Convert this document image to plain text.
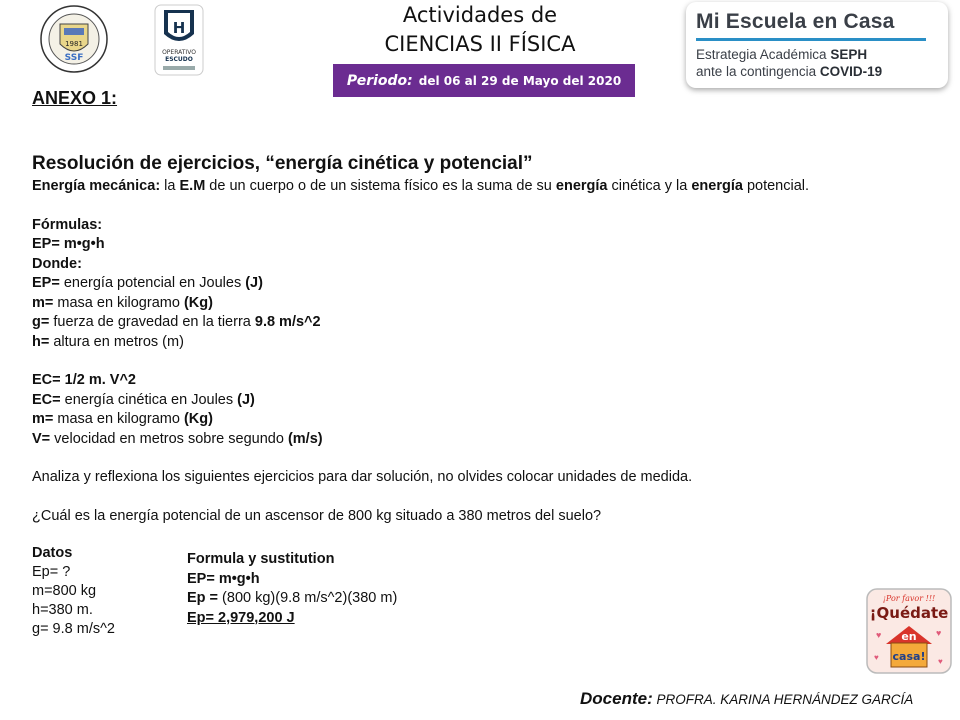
1981
SSF
H
OPERATIVO
ESCUDO
Actividades de
CIENCIAS II FÍSICA
Periodo: del 06 al 29 de Mayo del 2020
Mi Escuela en Casa
Estrategia Académica SEPH
ante la contingencia COVID-19
ANEXO 1:
Resolución de ejercicios, “energía cinética y potencial”
Energía mecánica: la E.M de un cuerpo o de un sistema físico es la suma de su energía cinética y la energía potencial.
Fórmulas:
EP= m•g•h
Donde:
EP= energía potencial en Joules (J)
m= masa en kilogramo (Kg)
g= fuerza de gravedad en la tierra 9.8 m/s^2
h= altura en metros (m)
EC= 1/2 m. V^2
EC= energía cinética en Joules (J)
m= masa en kilogramo (Kg)
V= velocidad en metros sobre segundo (m/s)
Analiza y reflexiona los siguientes ejercicios para dar solución, no olvides colocar unidades de medida.
¿Cuál es la energía potencial de un ascensor de 800 kg situado a 380 metros del suelo?
Datos
Ep= ?
m=800 kg
h=380 m.
g= 9.8 m/s^2
Formula y sustitution
EP= m•g•h
Ep = (800 kg)(9.8 m/s^2)(380 m)
Ep= 2,979,200 J
¡Por favor !!!
¡Quédate
en
casa!
♥	♥
♥	♥
Docente: PROFRA. KARINA HERNÁNDEZ GARCÍA
